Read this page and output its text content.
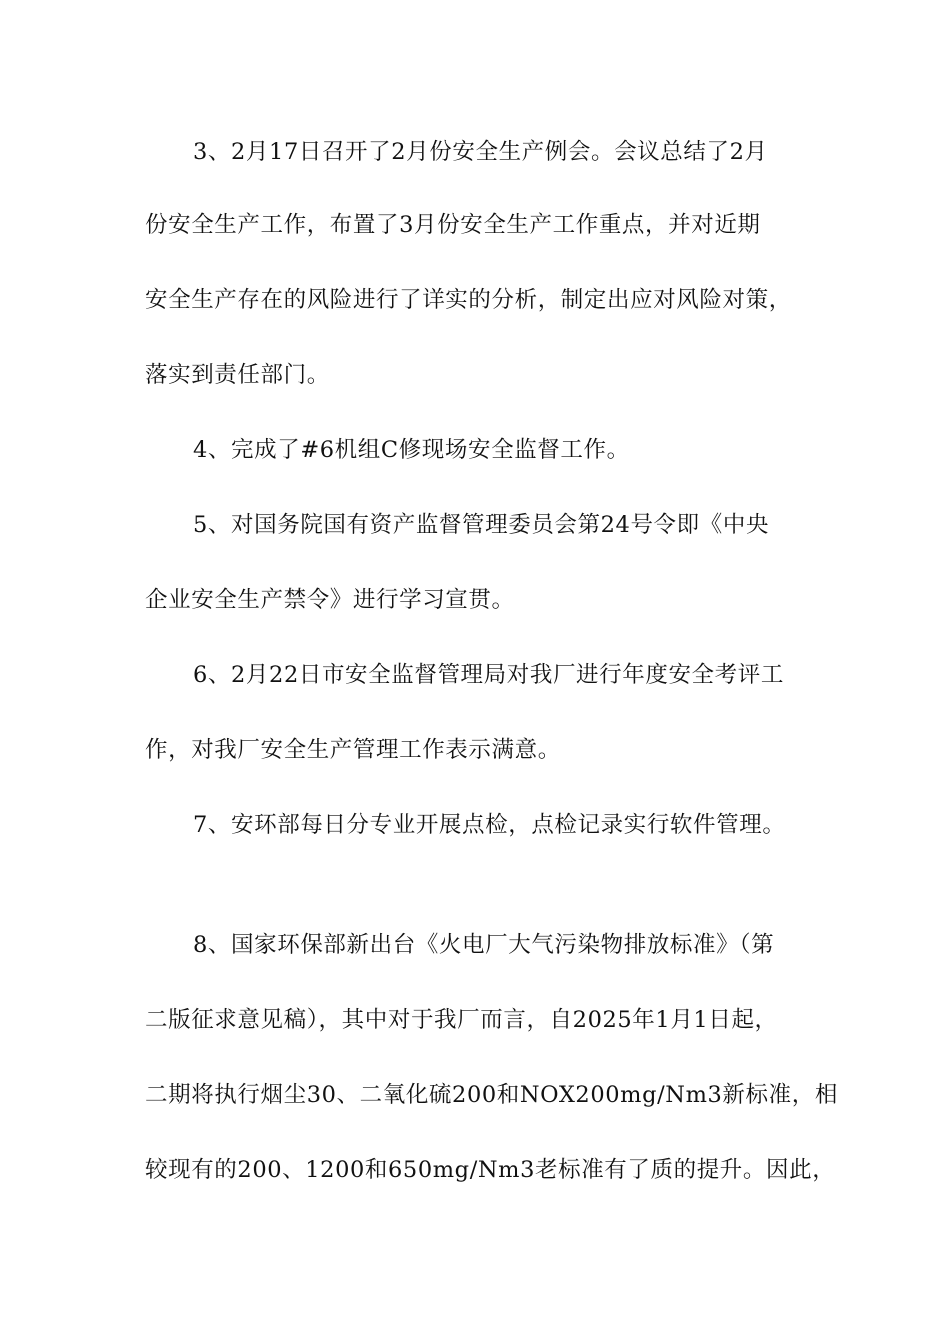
3、2月17日召开了2月份安全生产例会。会议总结了2月
份安全生产工作，布置了3月份安全生产工作重点，并对近期
安全生产存在的风险进行了详实的分析，制定出应对风险对策，
落实到责任部门。
4、完成了#6机组C修现场安全监督工作。
5、对国务院国有资产监督管理委员会第24号令即《中央
企业安全生产禁令》进行学习宣贯。
6、2月22日市安全监督管理局对我厂进行年度安全考评工
作，对我厂安全生产管理工作表示满意。
7、安环部每日分专业开展点检，点检记录实行软件管理。
8、国家环保部新出台《火电厂大气污染物排放标准》（第
二版征求意见稿），其中对于我厂而言，自2025年1月1日起，
二期将执行烟尘30、二氧化硫200和NOX200mg/Nm3新标准，相
较现有的200、1200和650mg/Nm3老标准有了质的提升。因此，
